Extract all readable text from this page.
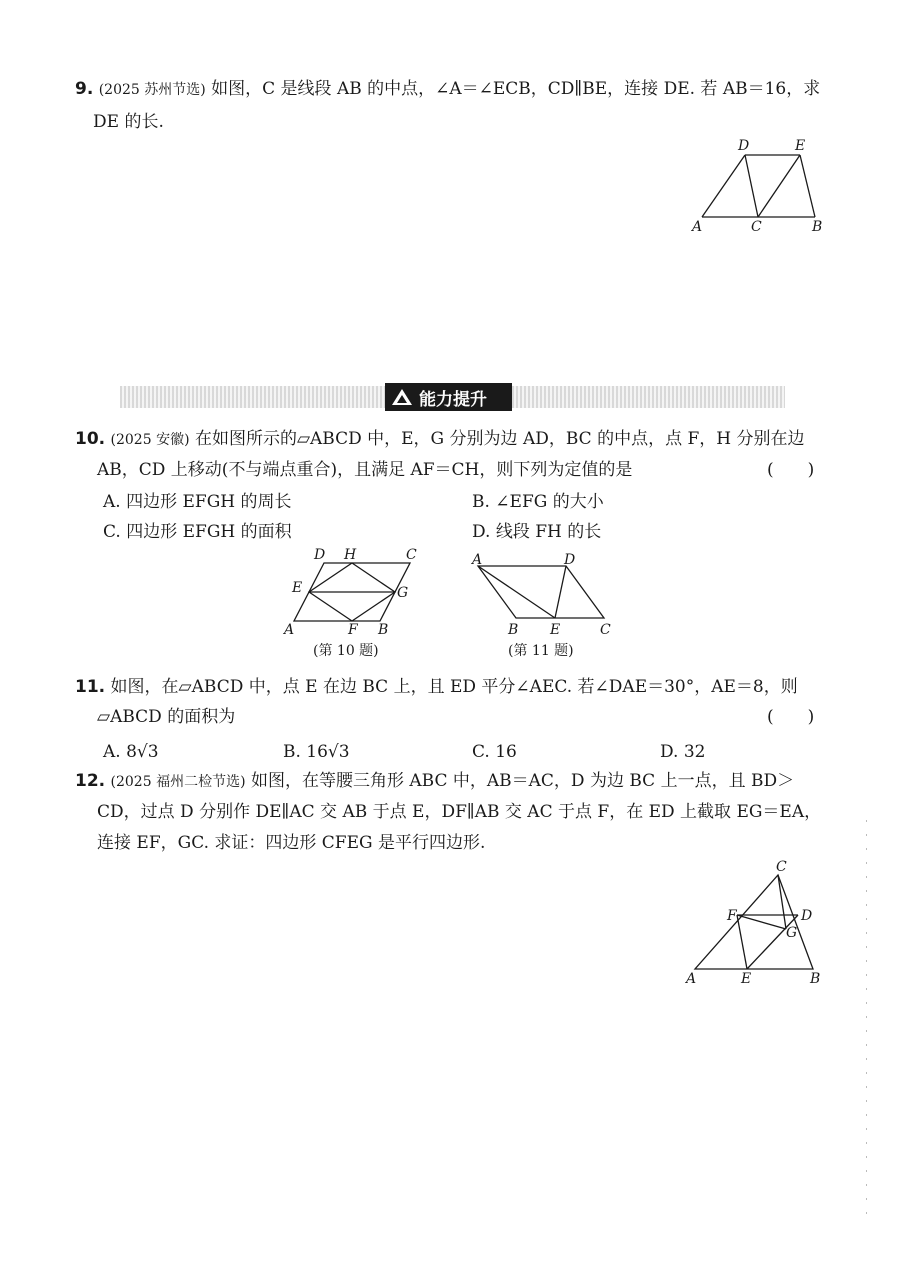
9. (2025 苏州节选) 如图，C 是线段 AB 的中点，∠A＝∠ECB，CD∥BE，连接 DE. 若 AB＝16，求
DE 的长.
D	E
A	C	B
能力提升
10. (2025 安徽) 在如图所示的▱ABCD 中，E，G 分别为边 AD，BC 的中点，点 F，H 分别在边
AB，CD 上移动(不与端点重合)，且满足 AF＝CH，则下列为定值的是	(　　)
A. 四边形 EFGH 的周长	B. ∠EFG 的大小
C. 四边形 EFGH 的面积	D. 线段 FH 的长
D H	C
E	G
A	F B
(第 10 题)
A	D
B E	C
(第 11 题)
11. 如图，在▱ABCD 中，点 E 在边 BC 上，且 ED 平分∠AEC. 若∠DAE＝30°，AE＝8，则
▱ABCD 的面积为	(　　)
A. 8√3	B. 16√3	C. 16	D. 32
12. (2025 福州二检节选) 如图，在等腰三角形 ABC 中，AB＝AC，D 为边 BC 上一点，且 BD＞
CD，过点 D 分别作 DE∥AC 交 AB 于点 E，DF∥AB 交 AC 于点 F，在 ED 上截取 EG＝EA，
连接 EF，GC. 求证：四边形 CFEG 是平行四边形.
C
F	D
G
A	E	B
